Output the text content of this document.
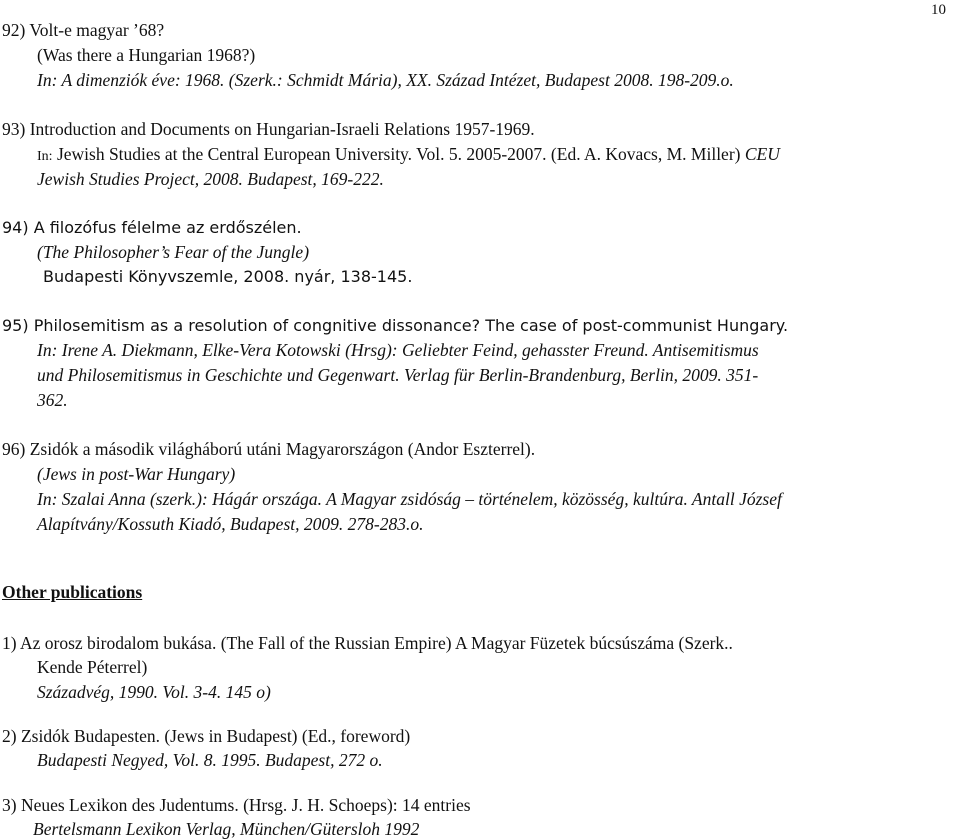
10
92) Volt-e magyar ’68?
(Was there a Hungarian 1968?)
In: A dimenziók éve: 1968. (Szerk.: Schmidt Mária), XX. Század Intézet, Budapest 2008. 198-209.o.
93) Introduction and Documents on Hungarian-Israeli Relations 1957-1969.
In: Jewish Studies at the Central European University. Vol. 5. 2005-2007. (Ed. A. Kovacs, M. Miller) CEU
Jewish Studies Project, 2008. Budapest, 169-222.
94) A filozófus félelme az erdőszélen.
(The Philosopher’s Fear of the Jungle)
Budapesti Könyvszemle, 2008. nyár, 138-145.
95) Philosemitism as a resolution of congnitive dissonance? The case of post-communist Hungary.
In: Irene A. Diekmann, Elke-Vera Kotowski (Hrsg): Geliebter Feind, gehasster Freund. Antisemitismus
und Philosemitismus in Geschichte und Gegenwart. Verlag für Berlin-Brandenburg, Berlin, 2009. 351-
362.
96) Zsidók a második világháború utáni Magyarországon (Andor Eszterrel).
(Jews in post-War Hungary)
In: Szalai Anna (szerk.): Hágár országa. A Magyar zsidóság – történelem, közösség, kultúra. Antall József
Alapítvány/Kossuth Kiadó, Budapest, 2009. 278-283.o.
Other publications
1) Az orosz birodalom bukása. (The Fall of the Russian Empire) A Magyar Füzetek búcsúszáma (Szerk..
Kende Péterrel)
Századvég, 1990. Vol. 3-4. 145 o)
2) Zsidók Budapesten. (Jews in Budapest) (Ed., foreword)
Budapesti Negyed, Vol. 8. 1995. Budapest, 272 o.
3) Neues Lexikon des Judentums. (Hrsg. J. H. Schoeps): 14 entries
Bertelsmann Lexikon Verlag, München/Gütersloh 1992
